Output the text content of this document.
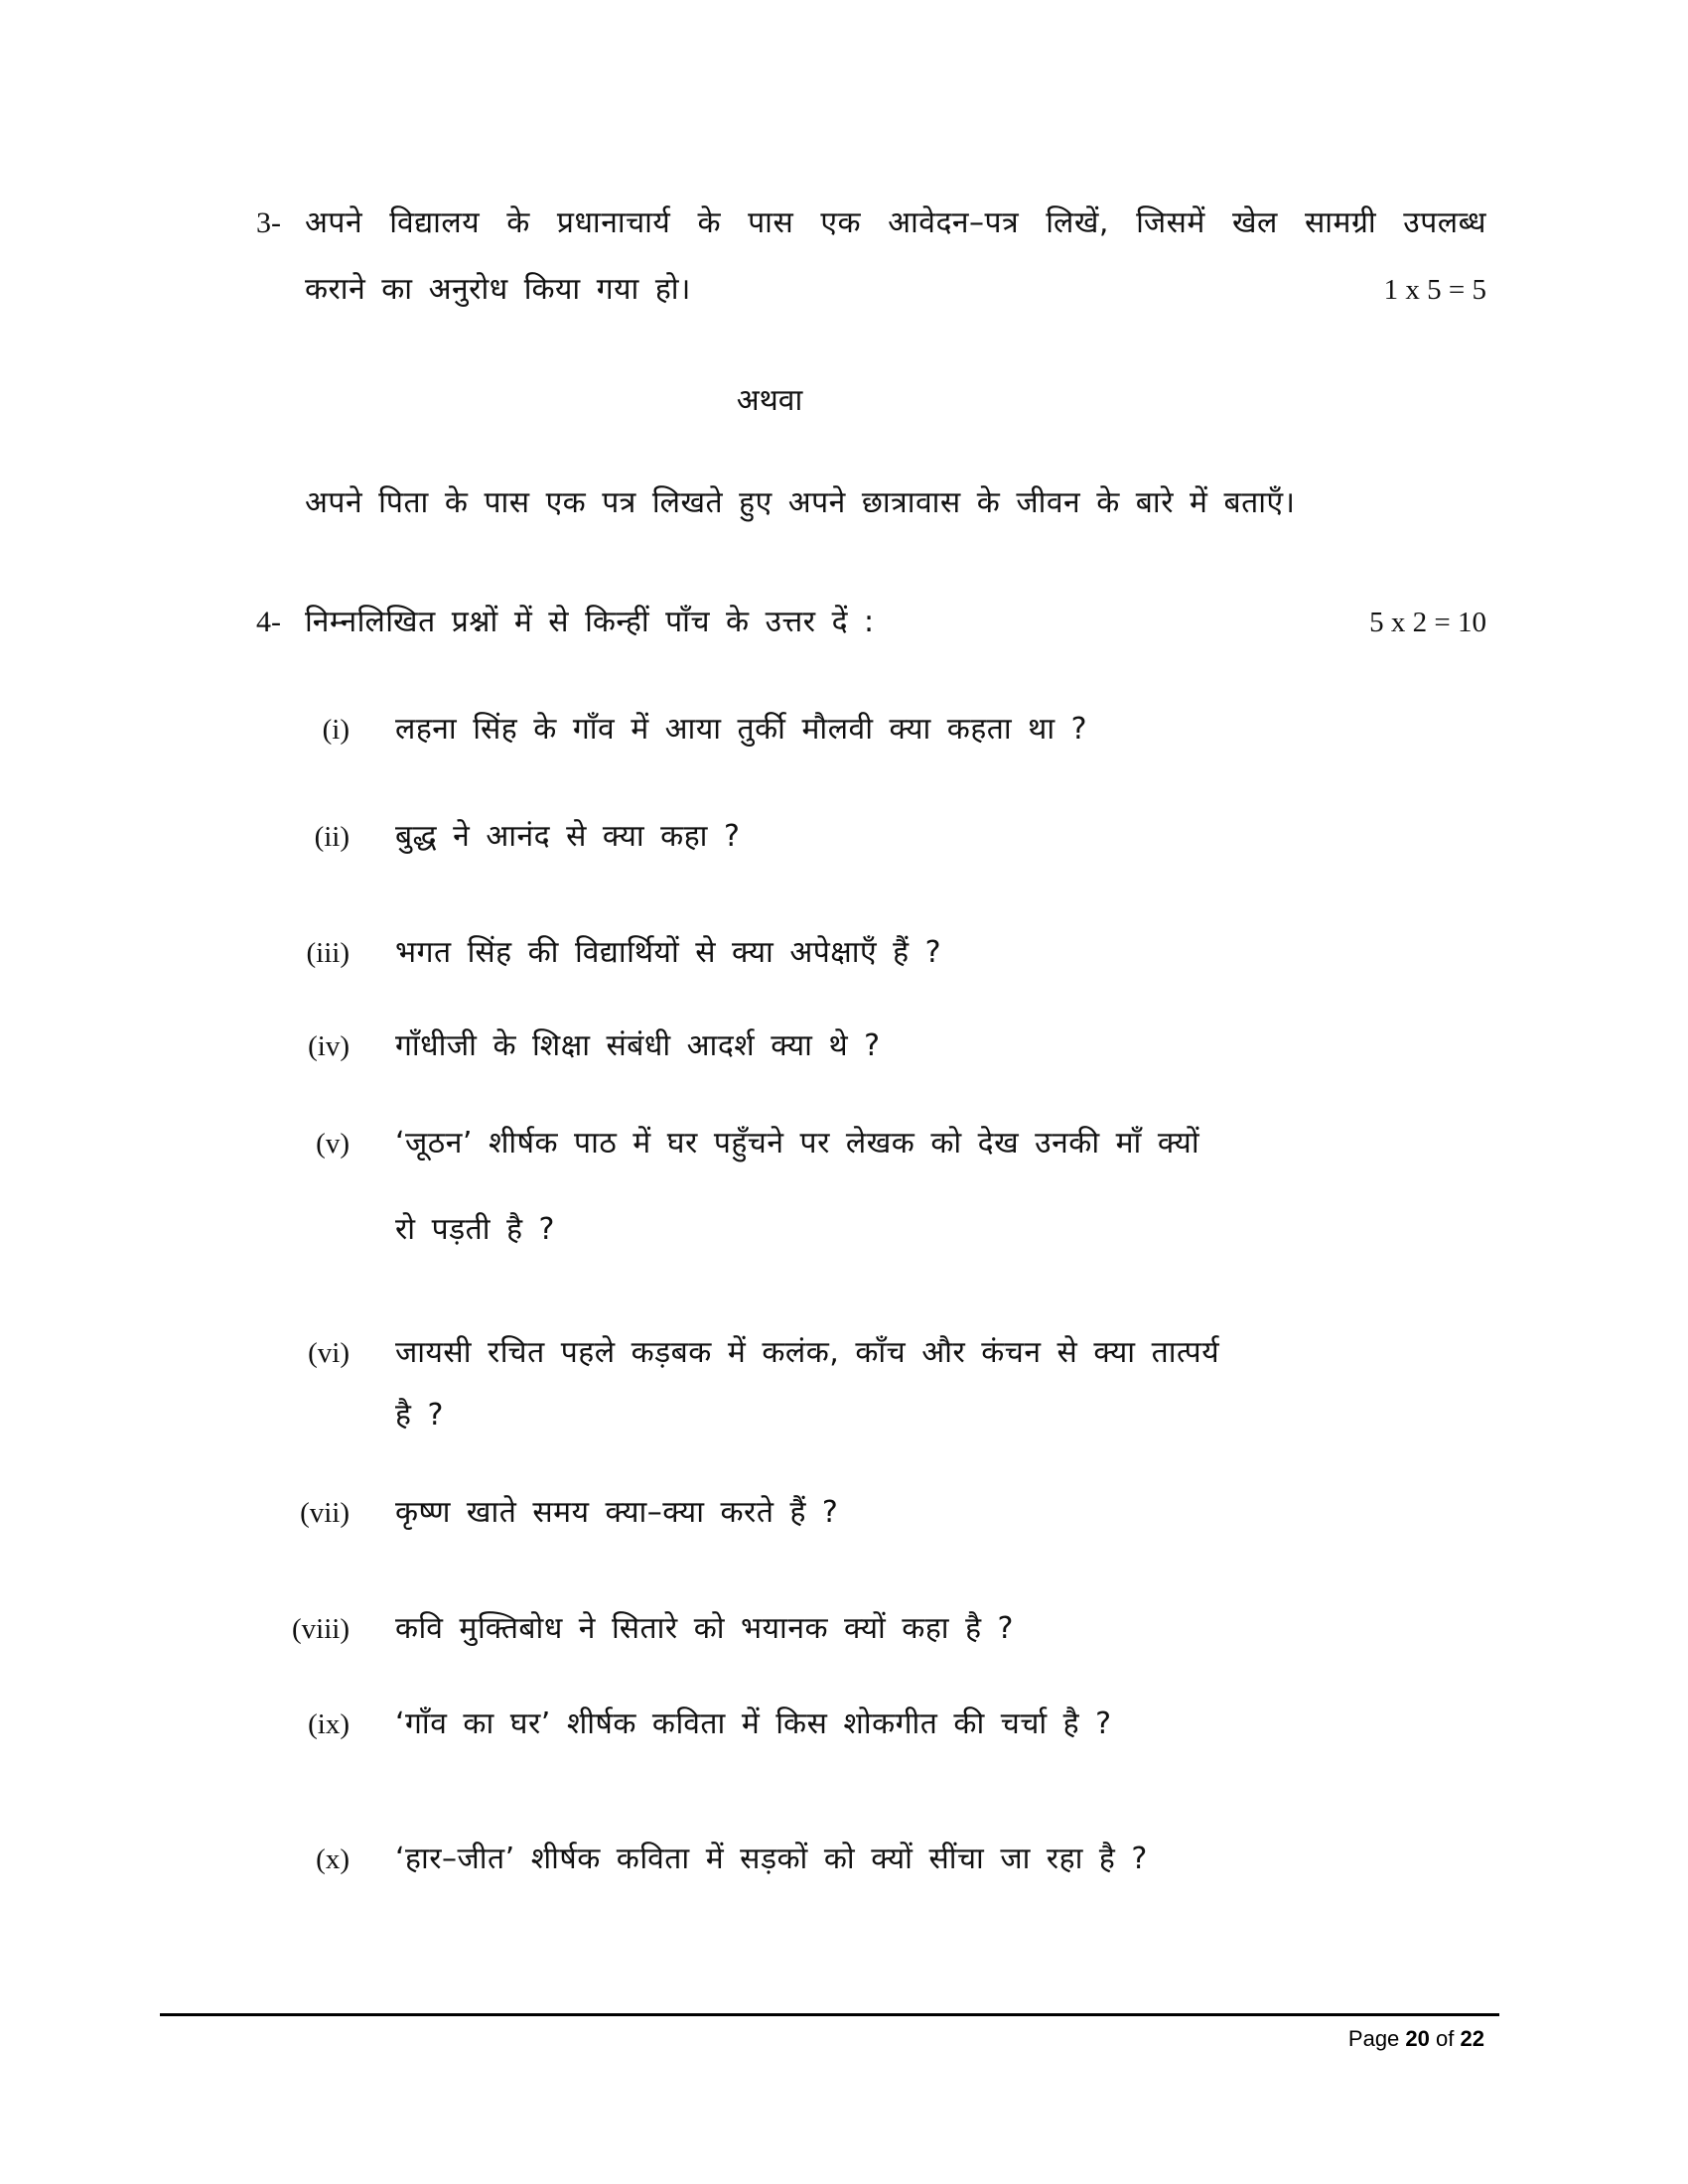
3- अपने विद्यालय के प्रधानाचार्य के पास एक आवेदन–पत्र लिखें, जिसमें खेल सामग्री उपलब्ध
कराने का अनुरोध किया गया हो।	1 x 5 = 5
अथवा
अपने पिता के पास एक पत्र लिखते हुए अपने छात्रावास के जीवन के बारे में बताएँ।
4- निम्नलिखित प्रश्नों में से किन्हीं पाँच के उत्तर दें :	5 x 2 = 10
(i) लहना सिंह के गाँव में आया तुर्की मौलवी क्या कहता था ?
(ii) बुद्ध ने आनंद से क्या कहा ?
(iii) भगत सिंह की विद्यार्थियों से क्या अपेक्षाएँ हैं ?
(iv) गाँधीजी के शिक्षा संबंधी आदर्श क्या थे ?
(v) ‘जूठन’ शीर्षक पाठ में घर पहुँचने पर लेखक को देख उनकी माँ क्यों
रो पड़ती है ?
(vi) जायसी रचित पहले कड़बक में कलंक, काँच और कंचन से क्या तात्पर्य
है ?
(vii) कृष्ण खाते समय क्या–क्या करते हैं ?
(viii) कवि मुक्तिबोध ने सितारे को भयानक क्यों कहा है ?
(ix) ‘गाँव का घर’ शीर्षक कविता में किस शोकगीत की चर्चा है ?
(x) ‘हार–जीत’ शीर्षक कविता में सड़कों को क्यों सींचा जा रहा है ?
Page 20 of 22
